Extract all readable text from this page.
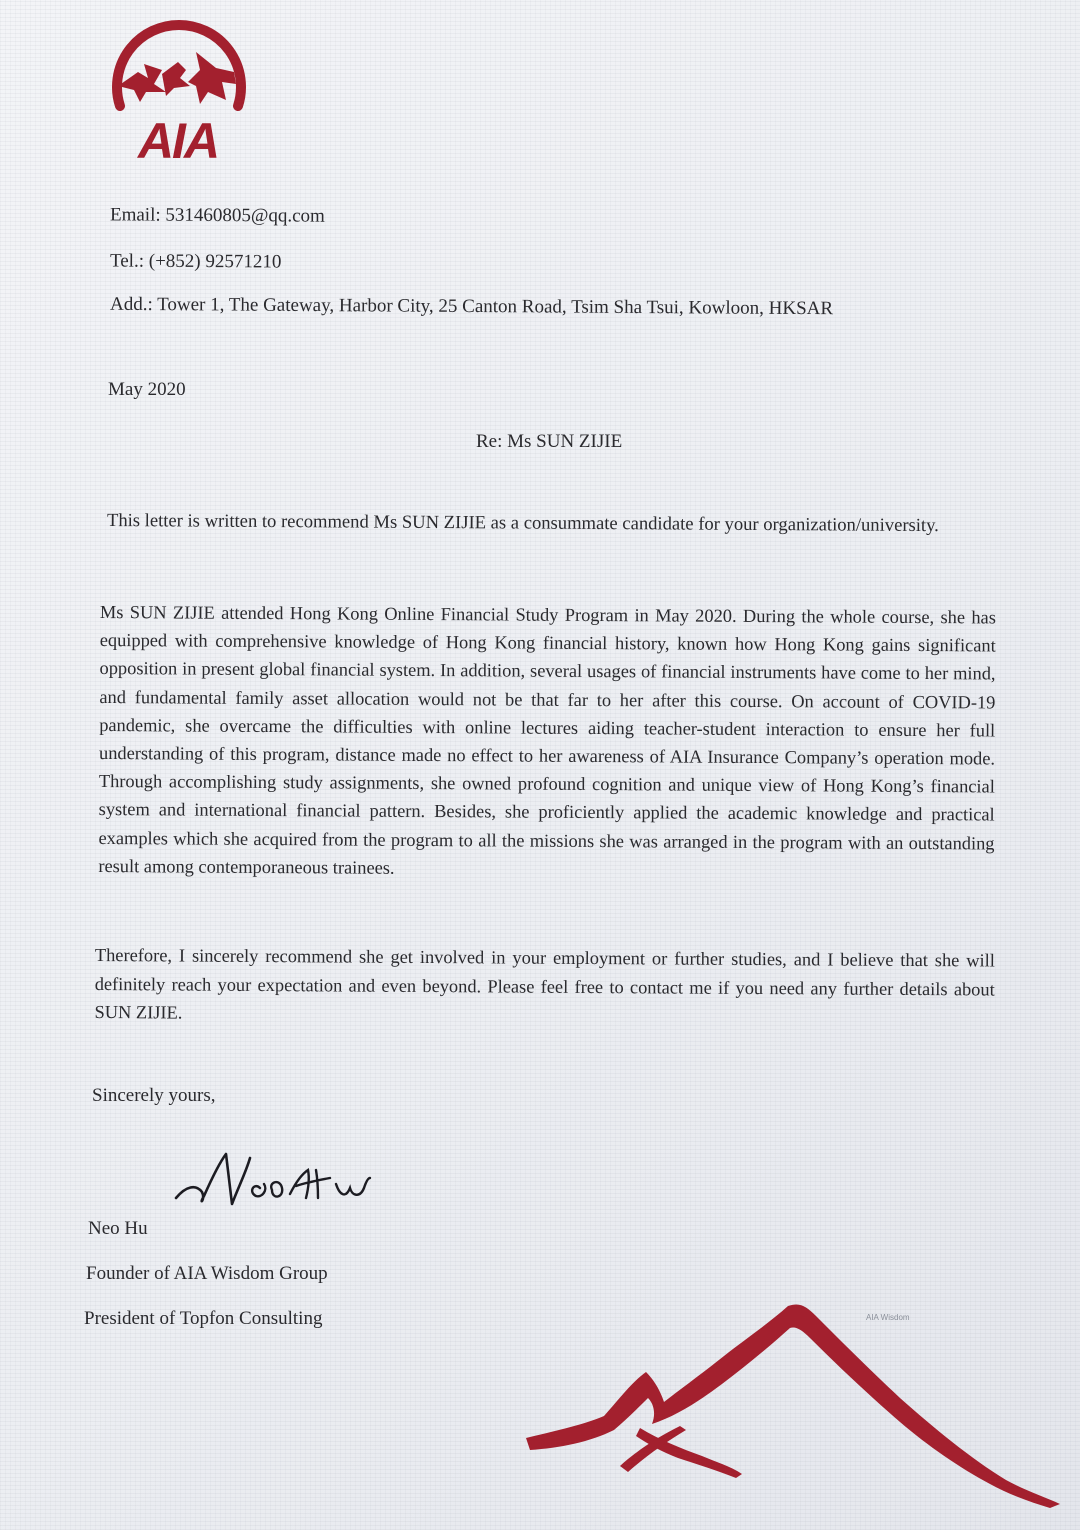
AIA
Email: 531460805@qq.com
Tel.: (+852) 92571210
Add.: Tower 1, The Gateway, Harbor City, 25 Canton Road, Tsim Sha Tsui, Kowloon, HKSAR
May 2020
Re: Ms SUN ZIJIE
This letter is written to recommend Ms SUN ZIJIE as a consummate candidate for your organization/university.
Ms SUN ZIJIE attended Hong Kong Online Financial Study Program in May 2020. During the whole course, she has equipped with comprehensive knowledge of Hong Kong financial history, known how Hong Kong gains significant opposition in present global financial system. In addition, several usages of financial instruments have come to her mind, and fundamental family asset allocation would not be that far to her after this course. On account of COVID-19 pandemic, she overcame the difficulties with online lectures aiding teacher-student interaction to ensure her full understanding of this program, distance made no effect to her awareness of AIA Insurance Company’s operation mode. Through accomplishing study assignments, she owned profound cognition and unique view of Hong Kong’s financial system and international financial pattern. Besides, she proficiently applied the academic knowledge and practical examples which she acquired from the program to all the missions she was arranged in the program with an outstanding result among contemporaneous trainees.
Therefore, I sincerely recommend she get involved in your employment or further studies, and I believe that she will definitely reach your expectation and even beyond. Please feel free to contact me if you need any further details about SUN ZIJIE.
Sincerely yours,
Neo Hu
Founder of AIA Wisdom Group
President of Topfon Consulting	AIA Wisdom
